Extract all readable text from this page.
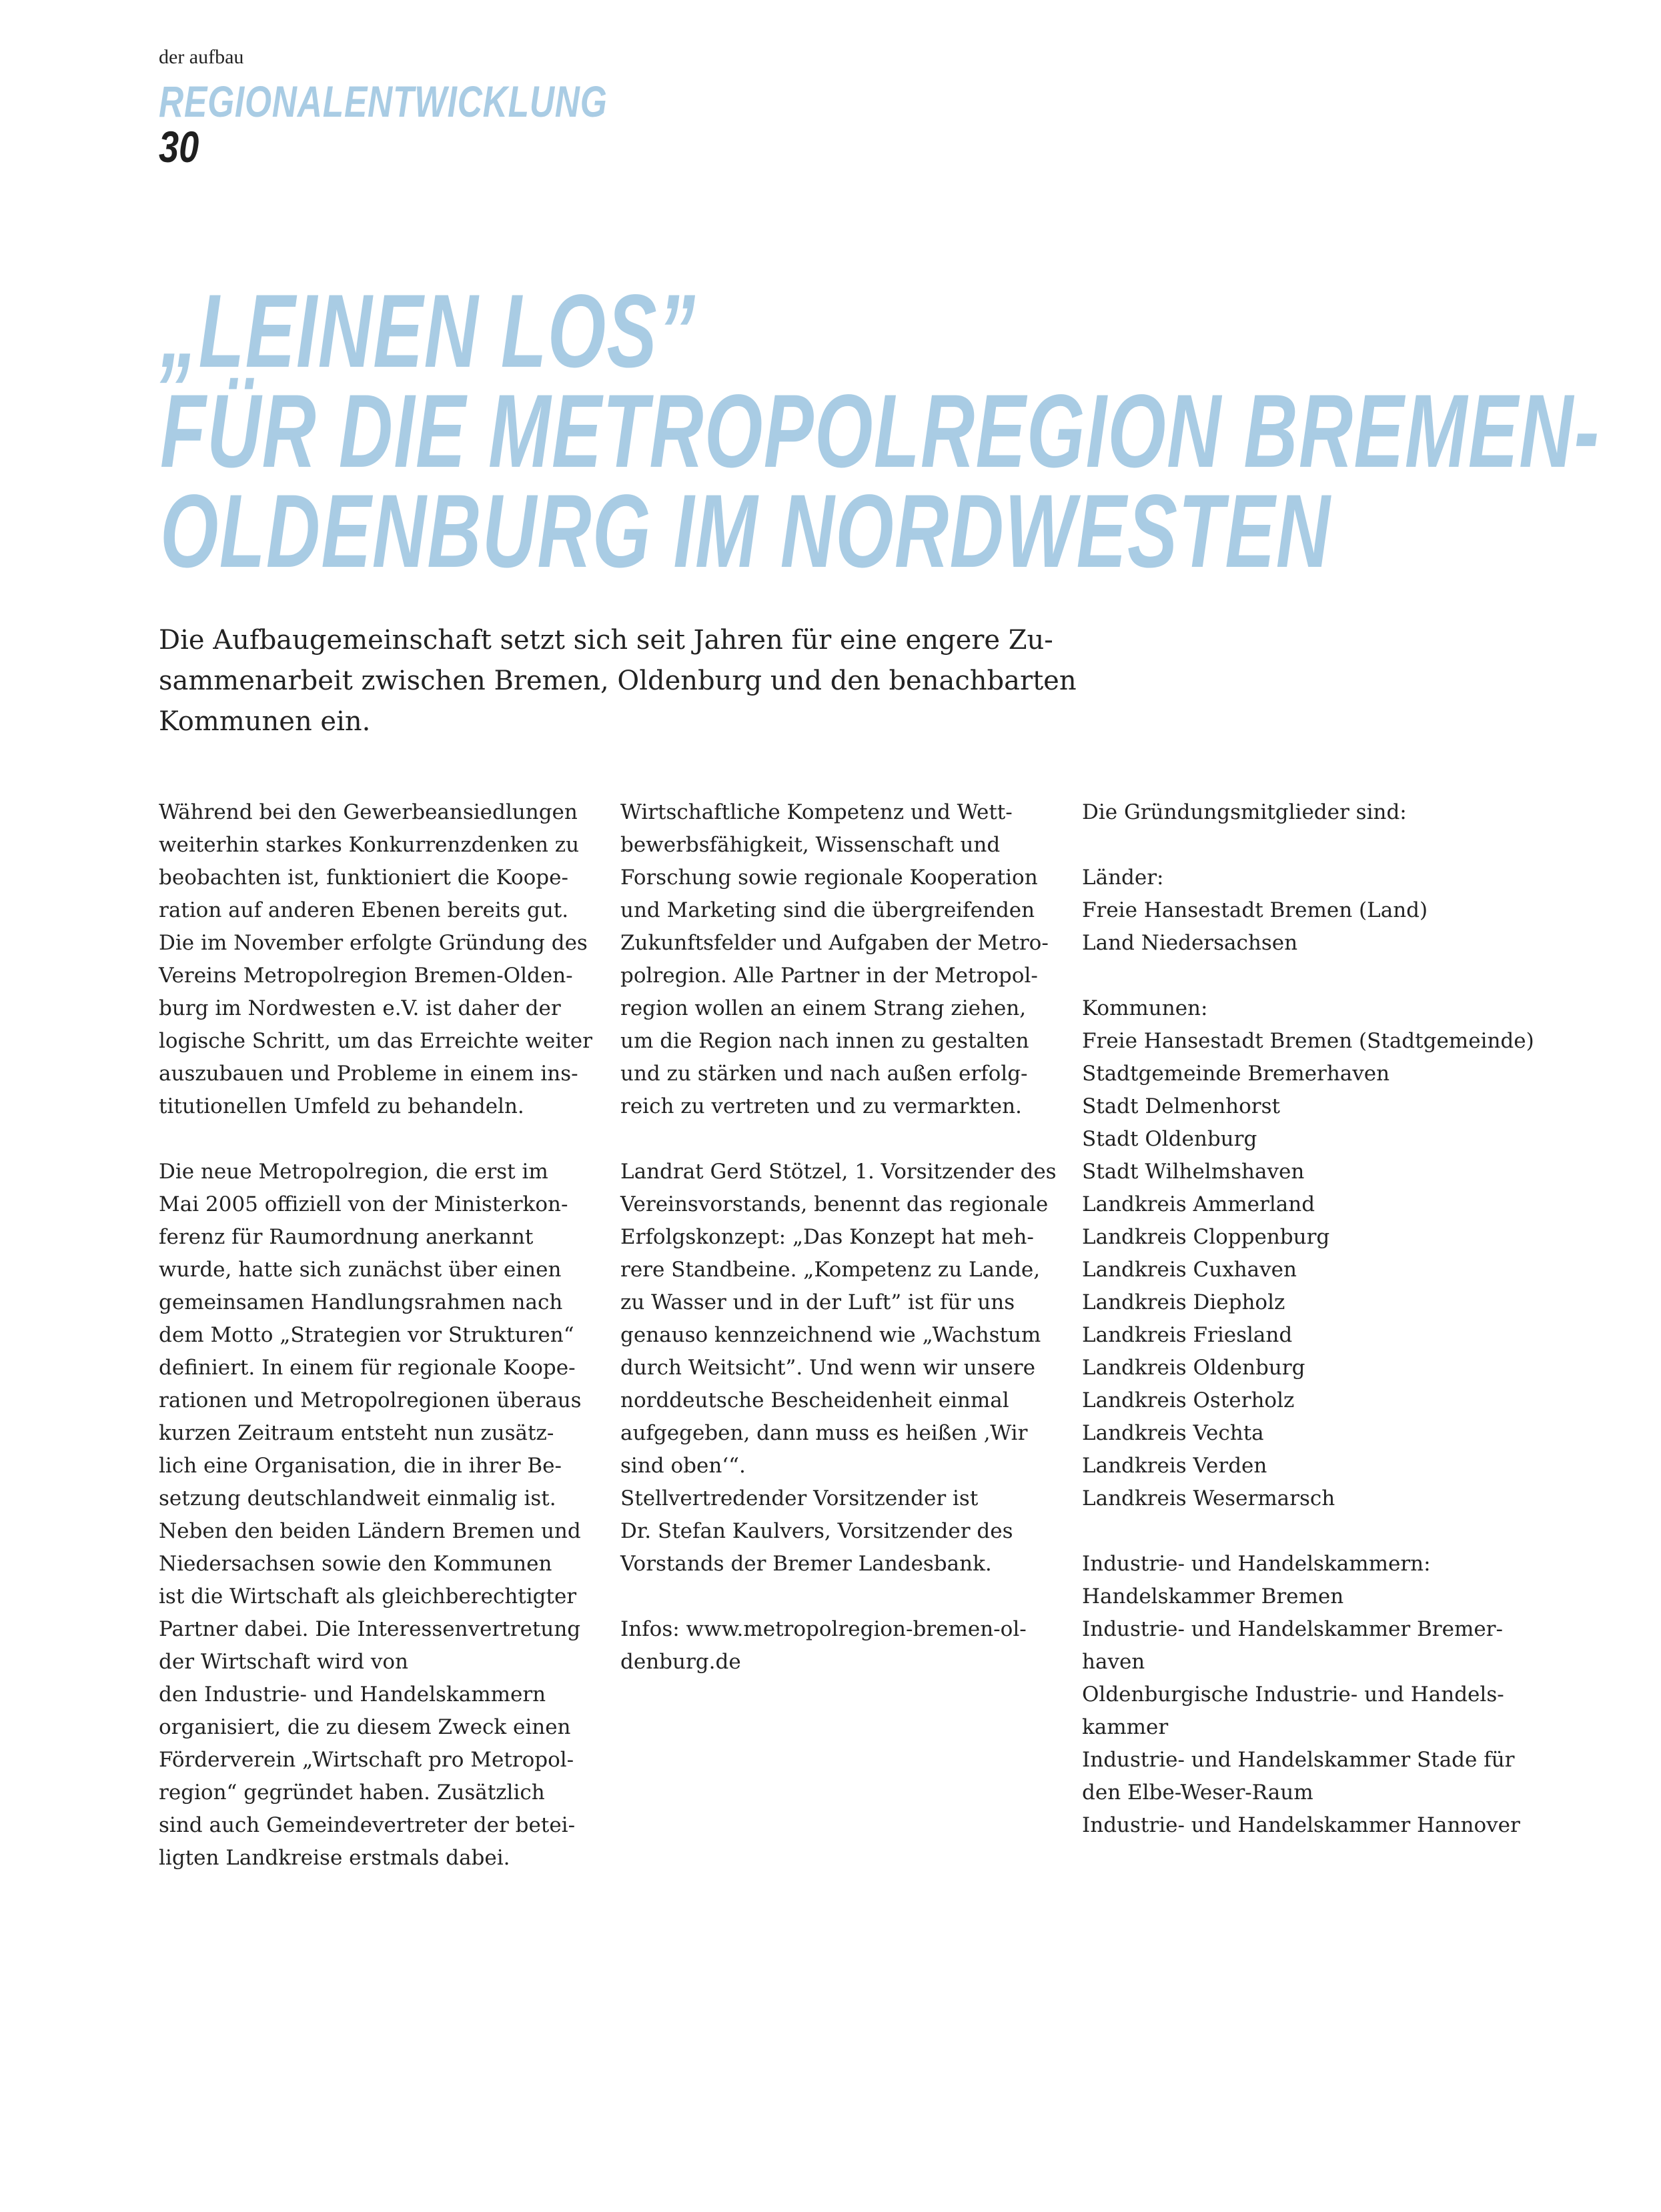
der aufbau
REGIONALENTWICKLUNG
30
„LEINEN LOS”
FÜR DIE METROPOLREGION BREMEN-
OLDENBURG IM NORDWESTEN

Die Aufbaugemeinschaft setzt sich seit Jahren für eine engere Zu-
sammenarbeit zwischen Bremen, Oldenburg und den benachbarten
Kommunen ein.

Während bei den Gewerbeansiedlungen
weiterhin starkes Konkurrenzdenken zu
beobachten ist, funktioniert die Koope-
ration auf anderen Ebenen bereits gut.
Die im November erfolgte Gründung des
Vereins Metropolregion Bremen-Olden-
burg im Nordwesten e.V. ist daher der
logische Schritt, um das Erreichte weiter
auszubauen und Probleme in einem ins-
titutionellen Umfeld zu behandeln.

Die neue Metropolregion, die erst im
Mai 2005 offiziell von der Ministerkon-
ferenz für Raumordnung anerkannt
wurde, hatte sich zunächst über einen
gemeinsamen Handlungsrahmen nach
dem Motto „Strategien vor Strukturen“
definiert. In einem für regionale Koope-
rationen und Metropolregionen überaus
kurzen Zeitraum entsteht nun zusätz-
lich eine Organisation, die in ihrer Be-
setzung deutschlandweit einmalig ist.
Neben den beiden Ländern Bremen und
Niedersachsen sowie den Kommunen
ist die Wirtschaft als gleichberechtigter
Partner dabei. Die Interessenvertretung
der Wirtschaft wird von
den Industrie- und Handelskammern
organisiert, die zu diesem Zweck einen
Förderverein „Wirtschaft pro Metropol-
region“ gegründet haben. Zusätzlich
sind auch Gemeindevertreter der betei-
ligten Landkreise erstmals dabei.

Wirtschaftliche Kompetenz und Wett-
bewerbsfähigkeit, Wissenschaft und
Forschung sowie regionale Kooperation
und Marketing sind die übergreifenden
Zukunftsfelder und Aufgaben der Metro-
polregion. Alle Partner in der Metropol-
region wollen an einem Strang ziehen,
um die Region nach innen zu gestalten
und zu stärken und nach außen erfolg-
reich zu vertreten und zu vermarkten.

Landrat Gerd Stötzel, 1. Vorsitzender des
Vereinsvorstands, benennt das regionale
Erfolgskonzept: „Das Konzept hat meh-
rere Standbeine. „Kompetenz zu Lande,
zu Wasser und in der Luft” ist für uns
genauso kennzeichnend wie „Wachstum
durch Weitsicht”. Und wenn wir unsere
norddeutsche Bescheidenheit einmal
aufgegeben, dann muss es heißen ‚Wir
sind oben‘“.
Stellvertredender Vorsitzender ist
Dr. Stefan Kaulvers, Vorsitzender des
Vorstands der Bremer Landesbank.

Infos: www.metropolregion-bremen-ol-
denburg.de

Die Gründungsmitglieder sind:

Länder:
Freie Hansestadt Bremen (Land)
Land Niedersachsen

Kommunen:
Freie Hansestadt Bremen (Stadtgemeinde)
Stadtgemeinde Bremerhaven
Stadt Delmenhorst
Stadt Oldenburg
Stadt Wilhelmshaven
Landkreis Ammerland
Landkreis Cloppenburg
Landkreis Cuxhaven
Landkreis Diepholz
Landkreis Friesland
Landkreis Oldenburg
Landkreis Osterholz
Landkreis Vechta
Landkreis Verden
Landkreis Wesermarsch

Industrie- und Handelskammern:
Handelskammer Bremen
Industrie- und Handelskammer Bremer-
haven
Oldenburgische Industrie- und Handels-
kammer
Industrie- und Handelskammer Stade für
den Elbe-Weser-Raum
Industrie- und Handelskammer Hannover
